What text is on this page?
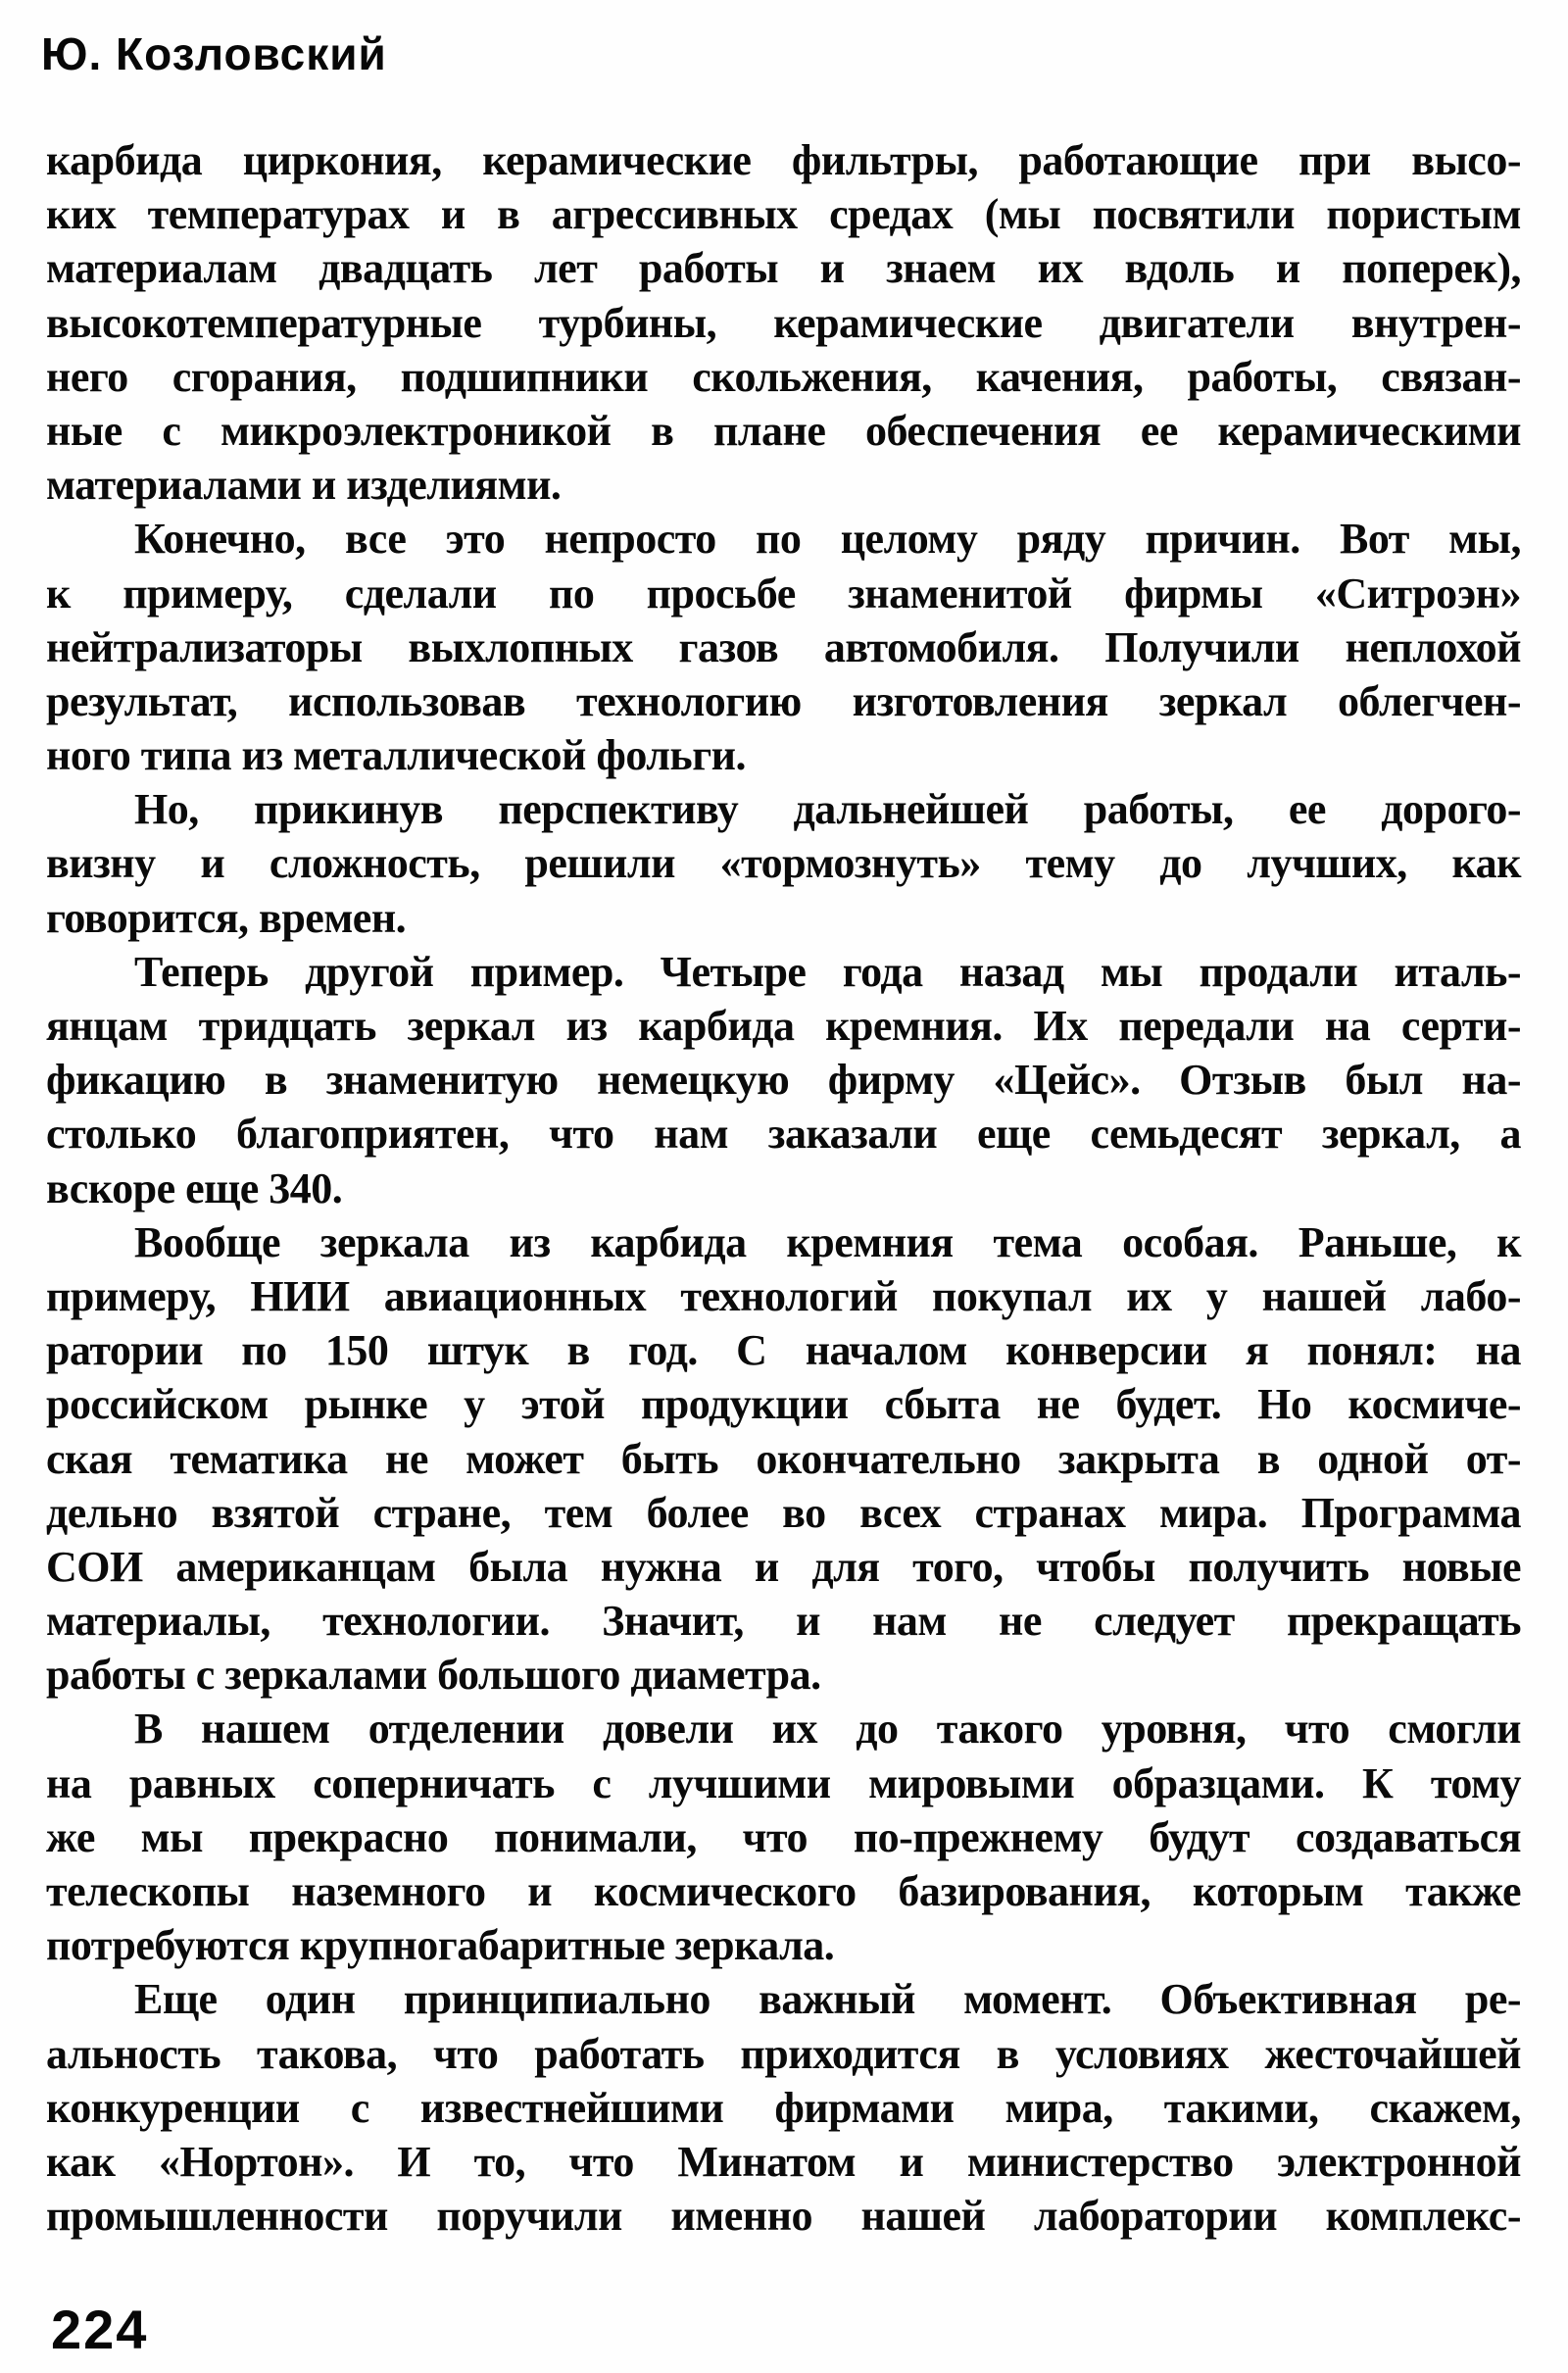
Ю. Козловский
карбида циркония, керамические фильтры, работающие при высо-
ких температурах и в агрессивных средах (мы посвятили пористым
материалам двадцать лет работы и знаем их вдоль и поперек),
высокотемпературные турбины, керамические двигатели внутрен-
него сгорания, подшипники скольжения, качения, работы, связан-
ные с микроэлектроникой в плане обеспечения ее керамическими
материалами и изделиями.
Конечно, все это непросто по целому ряду причин. Вот мы,
к примеру, сделали по просьбе знаменитой фирмы «Ситроэн»
нейтрализаторы выхлопных газов автомобиля. Получили неплохой
результат, использовав технологию изготовления зеркал облегчен-
ного типа из металлической фольги.
Но, прикинув перспективу дальнейшей работы, ее дорого-
визну и сложность, решили «тормознуть» тему до лучших, как
говорится, времен.
Теперь другой пример. Четыре года назад мы продали италь-
янцам тридцать зеркал из карбида кремния. Их передали на серти-
фикацию в знаменитую немецкую фирму «Цейс». Отзыв был на-
столько благоприятен, что нам заказали еще семьдесят зеркал, а
вскоре еще 340.
Вообще зеркала из карбида кремния тема особая. Раньше, к
примеру, НИИ авиационных технологий покупал их у нашей лабо-
ратории по 150 штук в год. С началом конверсии я понял: на
российском рынке у этой продукции сбыта не будет. Но космиче-
ская тематика не может быть окончательно закрыта в одной от-
дельно взятой стране, тем более во всех странах мира. Программа
СОИ американцам была нужна и для того, чтобы получить новые
материалы, технологии. Значит, и нам не следует прекращать
работы с зеркалами большого диаметра.
В нашем отделении довели их до такого уровня, что смогли
на равных соперничать с лучшими мировыми образцами. К тому
же мы прекрасно понимали, что по-прежнему будут создаваться
телескопы наземного и космического базирования, которым также
потребуются крупногабаритные зеркала.
Еще один принципиально важный момент. Объективная ре-
альность такова, что работать приходится в условиях жесточайшей
конкуренции с известнейшими фирмами мира, такими, скажем,
как «Нортон». И то, что Минатом и министерство электронной
промышленности поручили именно нашей лаборатории комплекс-
224
